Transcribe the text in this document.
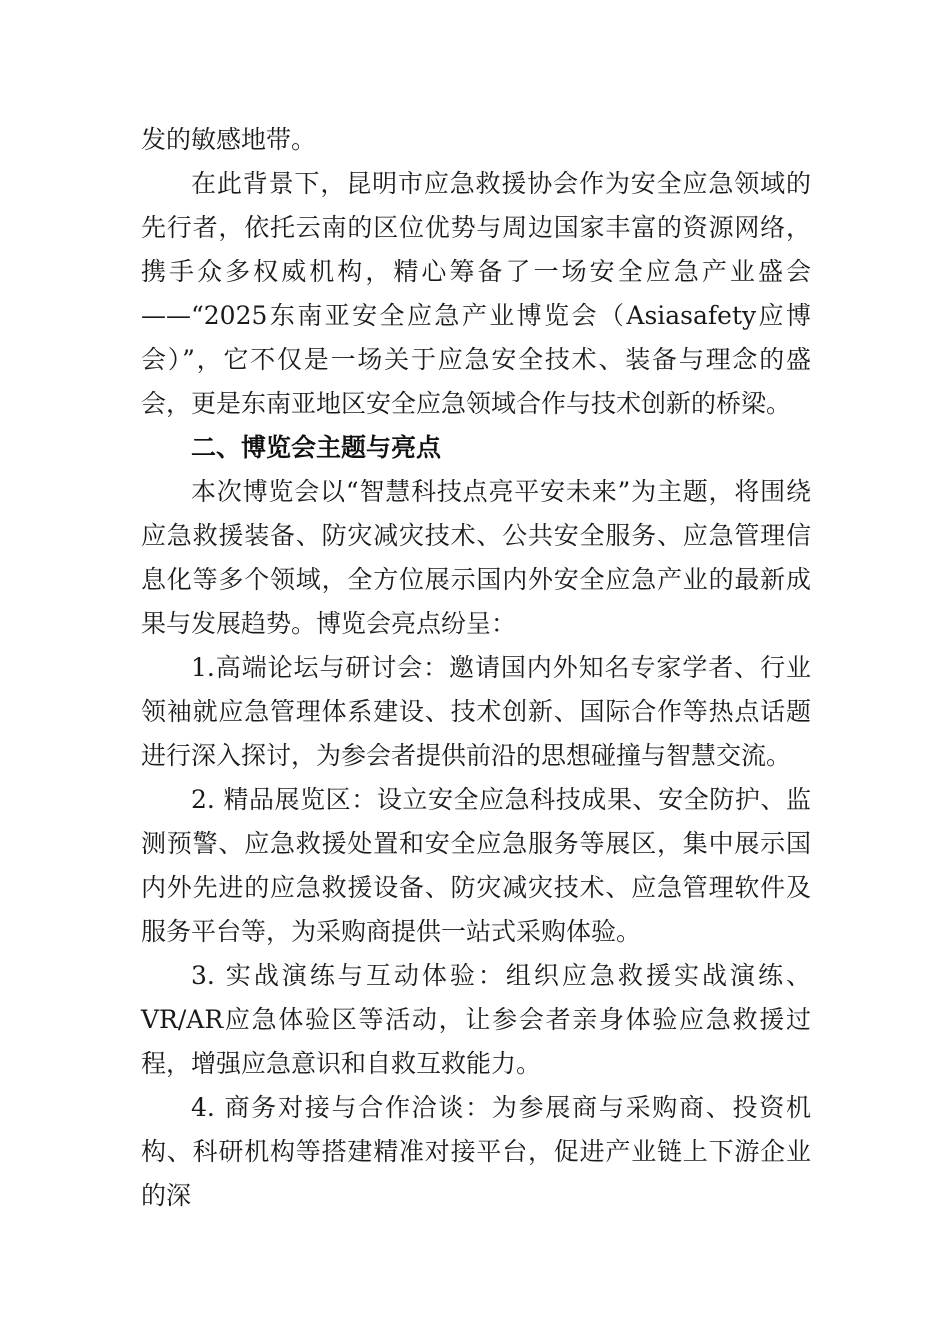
发的敏感地带。

在此背景下，昆明市应急救援协会作为安全应急领域的先行者，依托云南的区位优势与周边国家丰富的资源网络，携手众多权威机构，精心筹备了一场安全应急产业盛会——“2025东南亚安全应急产业博览会（Asiasafety应博会）”，它不仅是一场关于应急安全技术、装备与理念的盛会，更是东南亚地区安全应急领域合作与技术创新的桥梁。

二、博览会主题与亮点

本次博览会以“智慧科技点亮平安未来”为主题，将围绕应急救援装备、防灾减灾技术、公共安全服务、应急管理信息化等多个领域，全方位展示国内外安全应急产业的最新成果与发展趋势。博览会亮点纷呈：

1.高端论坛与研讨会：邀请国内外知名专家学者、行业领袖就应急管理体系建设、技术创新、国际合作等热点话题进行深入探讨，为参会者提供前沿的思想碰撞与智慧交流。

2. 精品展览区：设立安全应急科技成果、安全防护、监测预警、应急救援处置和安全应急服务等展区，集中展示国内外先进的应急救援设备、防灾减灾技术、应急管理软件及服务平台等，为采购商提供一站式采购体验。

3. 实战演练与互动体验：组织应急救援实战演练、VR/AR应急体验区等活动，让参会者亲身体验应急救援过程，增强应急意识和自救互救能力。

4. 商务对接与合作洽谈：为参展商与采购商、投资机构、科研机构等搭建精准对接平台，促进产业链上下游企业的深
